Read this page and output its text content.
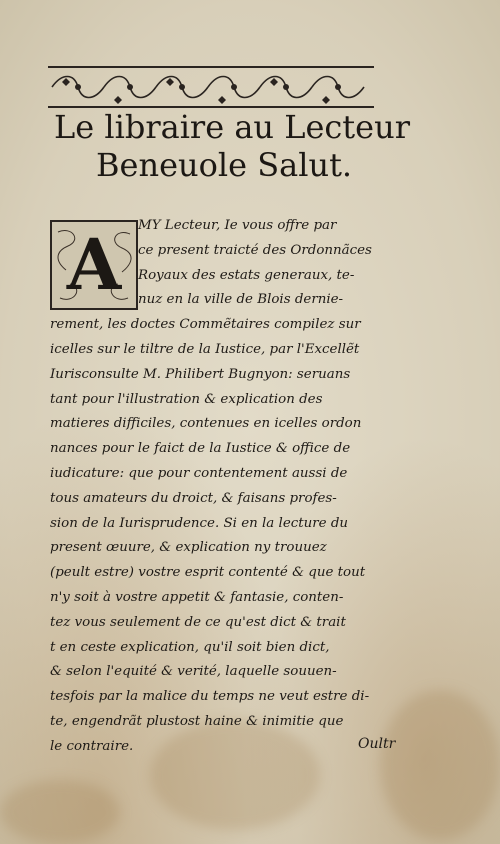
Le libraire au Lecteur
Beneuole Salut.
A	MY Lecteur, Ie vous offre par
ce present traicté des Ordonnãces
Royaux des estats generaux, te-
nuz en la ville de Blois dernie-
rement, les doctes Commẽtaires compilez sur
icelles sur le tiltre de la Iustice, par l'Excellẽt
Iurisconsulte M. Philibert Bugnyon: seruans
tant pour l'illustration & explication des
matieres difficiles, contenues en icelles ordon
nances pour le faict de la Iustice & office de
iudicature: que pour contentement aussi de
tous amateurs du droict, & faisans profes-
sion de la Iurisprudence. Si en la lecture du
present œuure, & explication ny trouuez
(peult estre) vostre esprit contenté & que tout
n'y soit à vostre appetit & fantasie, conten-
tez vous seulement de ce qu'est dict & trait
t en ceste explication, qu'il soit bien dict,
& selon l'equité & verité, laquelle souuen-
tesfois par la malice du temps ne veut estre di-
te, engendrãt plustost haine & inimitie que
le contraire.	Oultr
